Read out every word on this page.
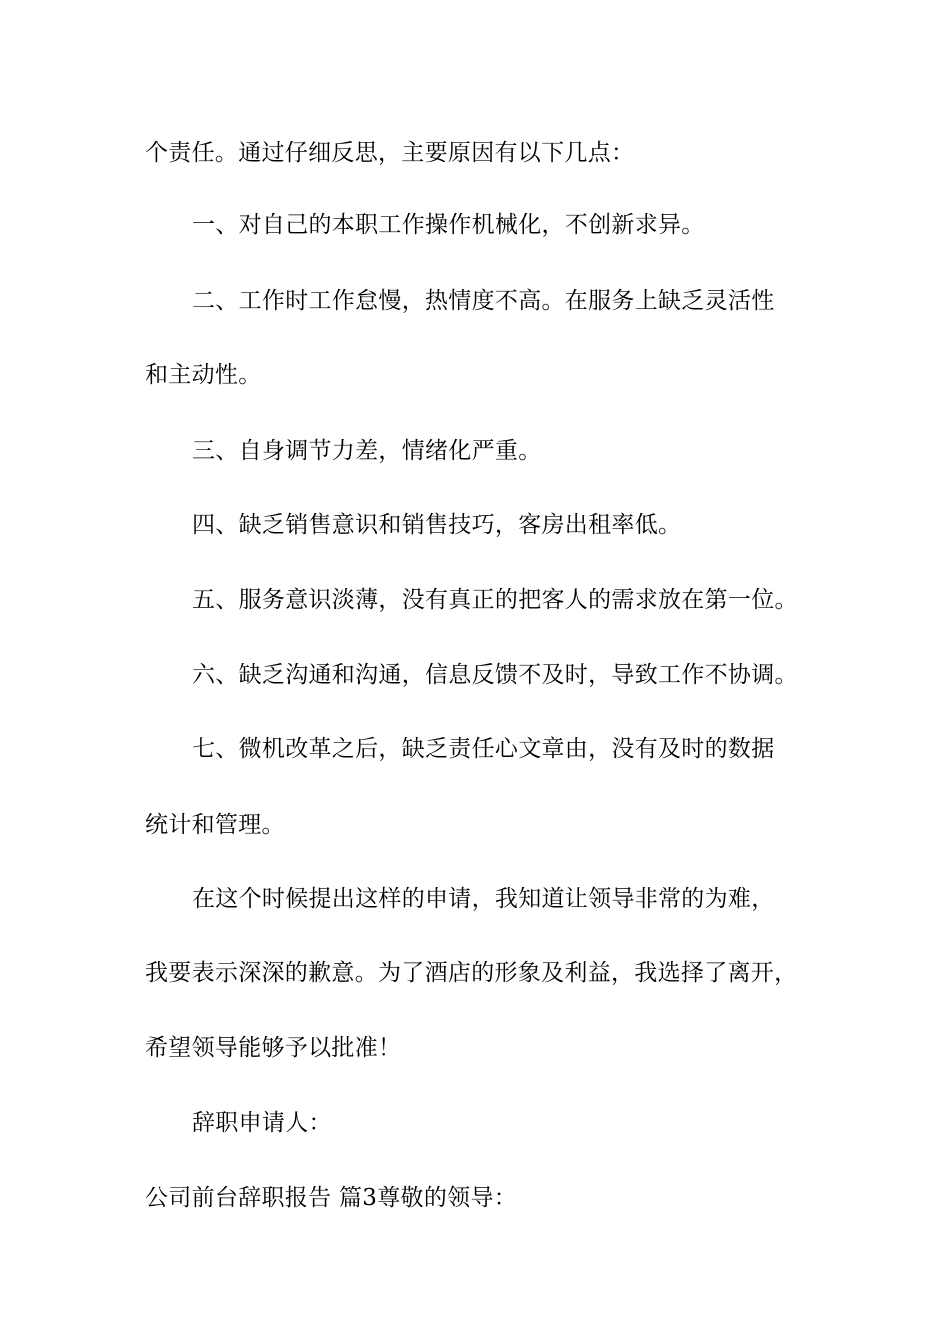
个责任。通过仔细反思，主要原因有以下几点：
一、对自己的本职工作操作机械化，不创新求异。
二、工作时工作怠慢，热情度不高。在服务上缺乏灵活性
和主动性。
三、自身调节力差，情绪化严重。
四、缺乏销售意识和销售技巧，客房出租率低。
五、服务意识淡薄，没有真正的把客人的需求放在第一位。
六、缺乏沟通和沟通，信息反馈不及时，导致工作不协调。
七、微机改革之后，缺乏责任心文章由，没有及时的数据
统计和管理。
在这个时候提出这样的申请，我知道让领导非常的为难，
我要表示深深的歉意。为了酒店的形象及利益，我选择了离开，
希望领导能够予以批准！
辞职申请人：
公司前台辞职报告 篇3尊敬的领导：
